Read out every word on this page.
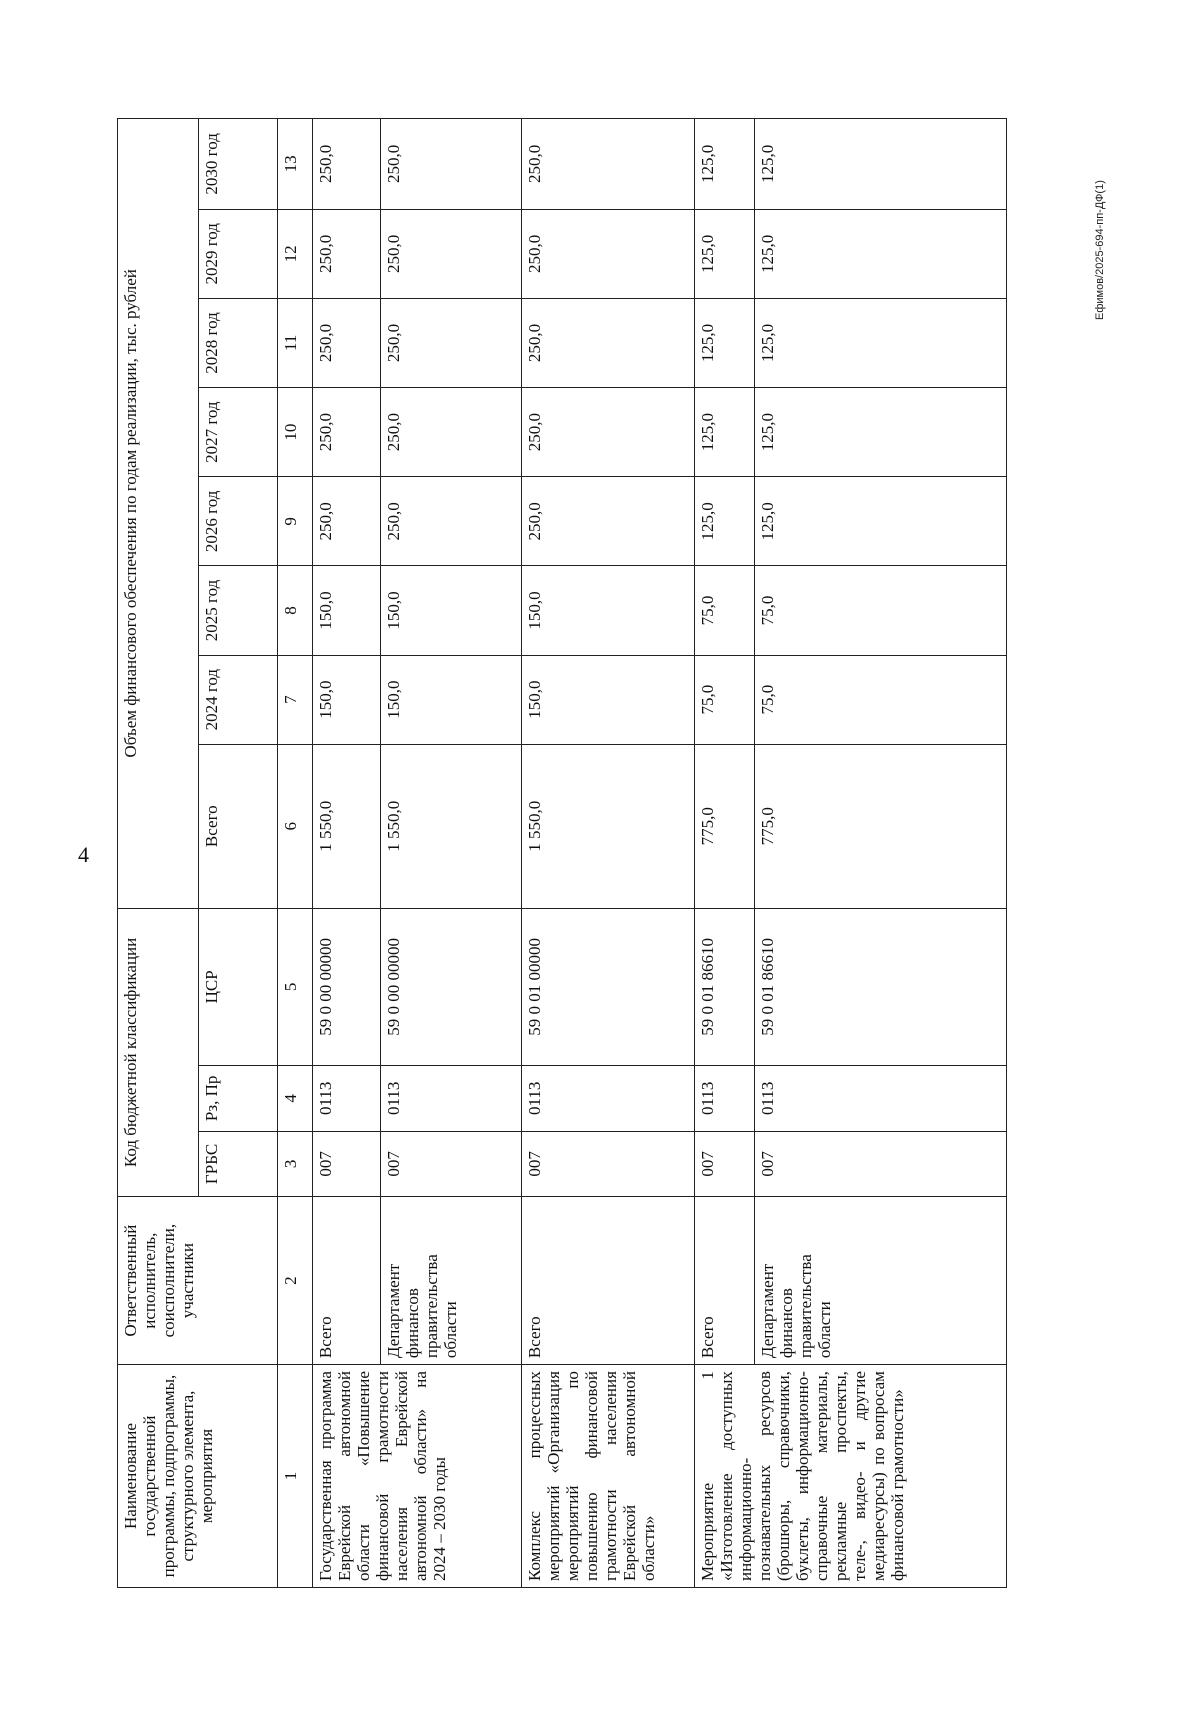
4
Ефимов/2025-694-пп-ДФ(1)
Наименование государственной программы, подпрограммы, структурного элемента, мероприятия	Ответственный исполнитель, соисполнители, участники	Код бюджетной классификации			Объем финансового обеспечения по годам реализации, тыс. рублей							
		ГРБС	Рз, Пр	ЦСР	Всего	2024 год	2025 год	2026 год	2027 год	2028 год	2029 год	2030 год
1	2	3	4	5	6	7	8	9	10	11	12	13
Государственная программа Еврейской автономной области «Повышение финансовой грамотности населения Еврейской автономной области» на 2024 – 2030 годы	Всего	007	0113	59 0 00 00000	1 550,0	150,0	150,0	250,0	250,0	250,0	250,0	250,0
	Департамент финансов правительства области	007	0113	59 0 00 00000	1 550,0	150,0	150,0	250,0	250,0	250,0	250,0	250,0
Комплекс процессных мероприятий «Организация мероприятий по повышению финансовой грамотности населения Еврейской автономной области»	Всего	007	0113	59 0 01 00000	1 550,0	150,0	150,0	250,0	250,0	250,0	250,0	250,0
Мероприятие 1 «Изготовление доступных информационно-познавательных ресурсов (брошюры, справочники, буклеты, информационно-справочные материалы, рекламные проспекты, теле-, видео- и другие медиаресурсы) по вопросам финансовой грамотности»	Всего	007	0113	59 0 01 86610	775,0	75,0	75,0	125,0	125,0	125,0	125,0	125,0
	Департамент финансов правительства области	007	0113	59 0 01 86610	775,0	75,0	75,0	125,0	125,0	125,0	125,0	125,0
